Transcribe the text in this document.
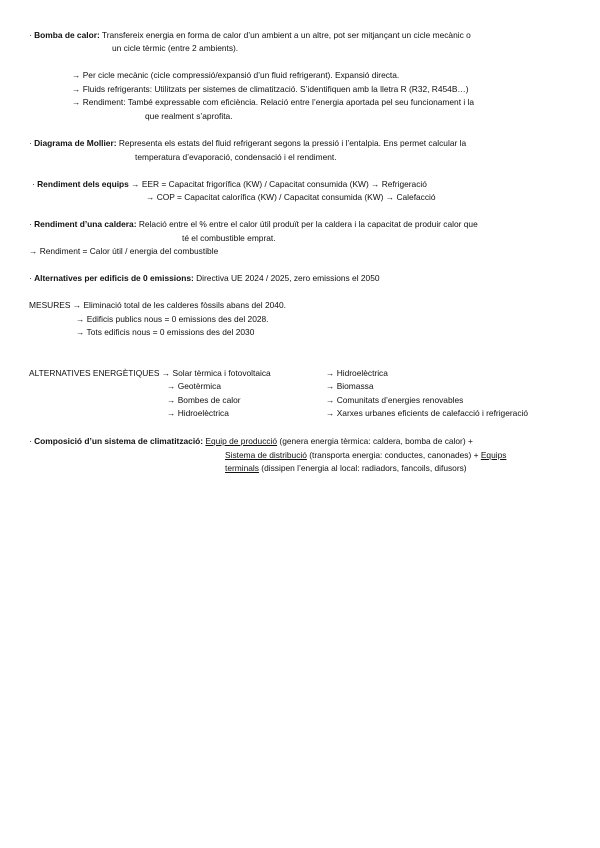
· Bomba de calor: Transfereix energia en forma de calor d’un ambient a un altre, pot ser mitjançant un cicle mecànic o
un cicle tèrmic (entre 2 ambients).
→ Per cicle mecànic (cicle compressió/expansió d’un fluid refrigerant). Expansió directa.
→ Fluids refrigerants: Utilitzats per sistemes de climatització. S’identifiquen amb la lletra R (R32, R454B…)
→ Rendiment: També expressable com eficiència. Relació entre l’energia aportada pel seu funcionament i la
que realment s’aprofita.
· Diagrama de Mollier: Representa els estats del fluid refrigerant segons la pressió i l’entalpia. Ens permet calcular la
temperatura d’evaporació, condensació i el rendiment.
· Rendiment dels equips → EER = Capacitat frigorífica (KW) / Capacitat consumida (KW) → Refrigeració
→ COP = Capacitat calorífica (KW) / Capacitat consumida (KW) → Calefacció
· Rendiment d’una caldera: Relació entre el % entre el calor útil produït per la caldera i la capacitat de produir calor que
té el combustible emprat.
→ Rendiment = Calor útil / energia del combustible
· Alternatives per edificis de 0 emissions: Directiva UE 2024 / 2025, zero emissions el 2050
MESURES → Eliminació total de les calderes fòssils abans del 2040.
→ Edificis publics nous = 0 emissions des del 2028.
→ Tots edificis nous = 0 emissions des del 2030
ALTERNATIVES ENERGÈTIQUES → Solar tèrmica i fotovoltaica
→ Geotèrmica
→ Bombes de calor
→ Hidroelèctrica
→ Hidroelèctrica
→ Biomassa
→ Comunitats d’energies renovables
→ Xarxes urbanes eficients de calefacció i refrigeració
· Composició d’un sistema de climatització: Equip de producció (genera energia tèrmica: caldera, bomba de calor) +
Sistema de distribució (transporta energia: conductes, canonades) + Equips
terminals (dissipen l’energia al local: radiadors, fancoils, difusors)
